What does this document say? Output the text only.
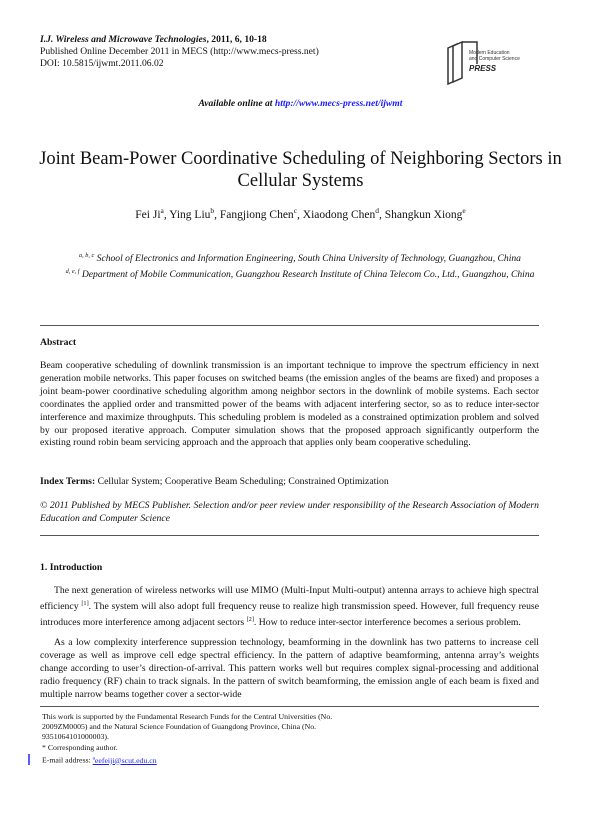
I.J. Wireless and Microwave Technologies, 2011, 6, 10-18
Published Online December 2011 in MECS (http://www.mecs-press.net)
DOI: 10.5815/ijwmt.2011.06.02
Modern Education
and Computer Science
PRESS
Available online at http://www.mecs-press.net/ijwmt
Joint Beam-Power Coordinative Scheduling of Neighboring Sectors in Cellular Systems
Fei Ji$^a$, Ying Liu$^b$, Fangjiong Chen$^c$, Xiaodong Chen$^d$, Shangkun Xiong$^e$
$^{a, b, c}$ School of Electronics and Information Engineering, South China University of Technology, Guangzhou, China
$^{d, e, f}$ Department of Mobile Communication, Guangzhou Research Institute of China Telecom Co., Ltd., Guangzhou, China
Abstract
Beam cooperative scheduling of downlink transmission is an important technique to improve the spectrum efficiency in next generation mobile networks. This paper focuses on switched beams (the emission angles of the beams are fixed) and proposes a joint beam-power coordinative scheduling algorithm among neighbor sectors in the downlink of mobile systems. Each sector coordinates the applied order and transmitted power of the beams with adjacent interfering sector, so as to reduce inter-sector interference and maximize throughputs. This scheduling problem is modeled as a constrained optimization problem and solved by our proposed iterative approach. Computer simulation shows that the proposed approach significantly outperform the existing round robin beam servicing approach and the approach that applies only beam cooperative scheduling.
Index Terms: Cellular System; Cooperative Beam Scheduling; Constrained Optimization
© 2011 Published by MECS Publisher. Selection and/or peer review under responsibility of the Research Association of Modern Education and Computer Science
1. Introduction
The next generation of wireless networks will use MIMO (Multi-Input Multi-output) antenna arrays to achieve high spectral efficiency [1]. The system will also adopt full frequency reuse to realize high transmission speed. However, full frequency reuse introduces more interference among adjacent sectors [2]. How to reduce inter-sector interference becomes a serious problem.
As a low complexity interference suppression technology, beamforming in the downlink has two patterns to increase cell coverage as well as improve cell edge spectral efficiency. In the pattern of adaptive beamforming, antenna array’s weights change according to user’s direction-of-arrival. This pattern works well but requires complex signal-processing and additional radio frequency (RF) chain to track signals. In the pattern of switch beamforming, the emission angle of each beam is fixed and multiple narrow beams together cover a sector-wide
This work is supported by the Fundamental Research Funds for the Central Universities (No. 2009ZM0005) and the Natural Science Foundation of Guangdong Province, China (No. 9351064101000003).
* Corresponding author.
E-mail address: $^a$eefeiji@scut.edu.cn
